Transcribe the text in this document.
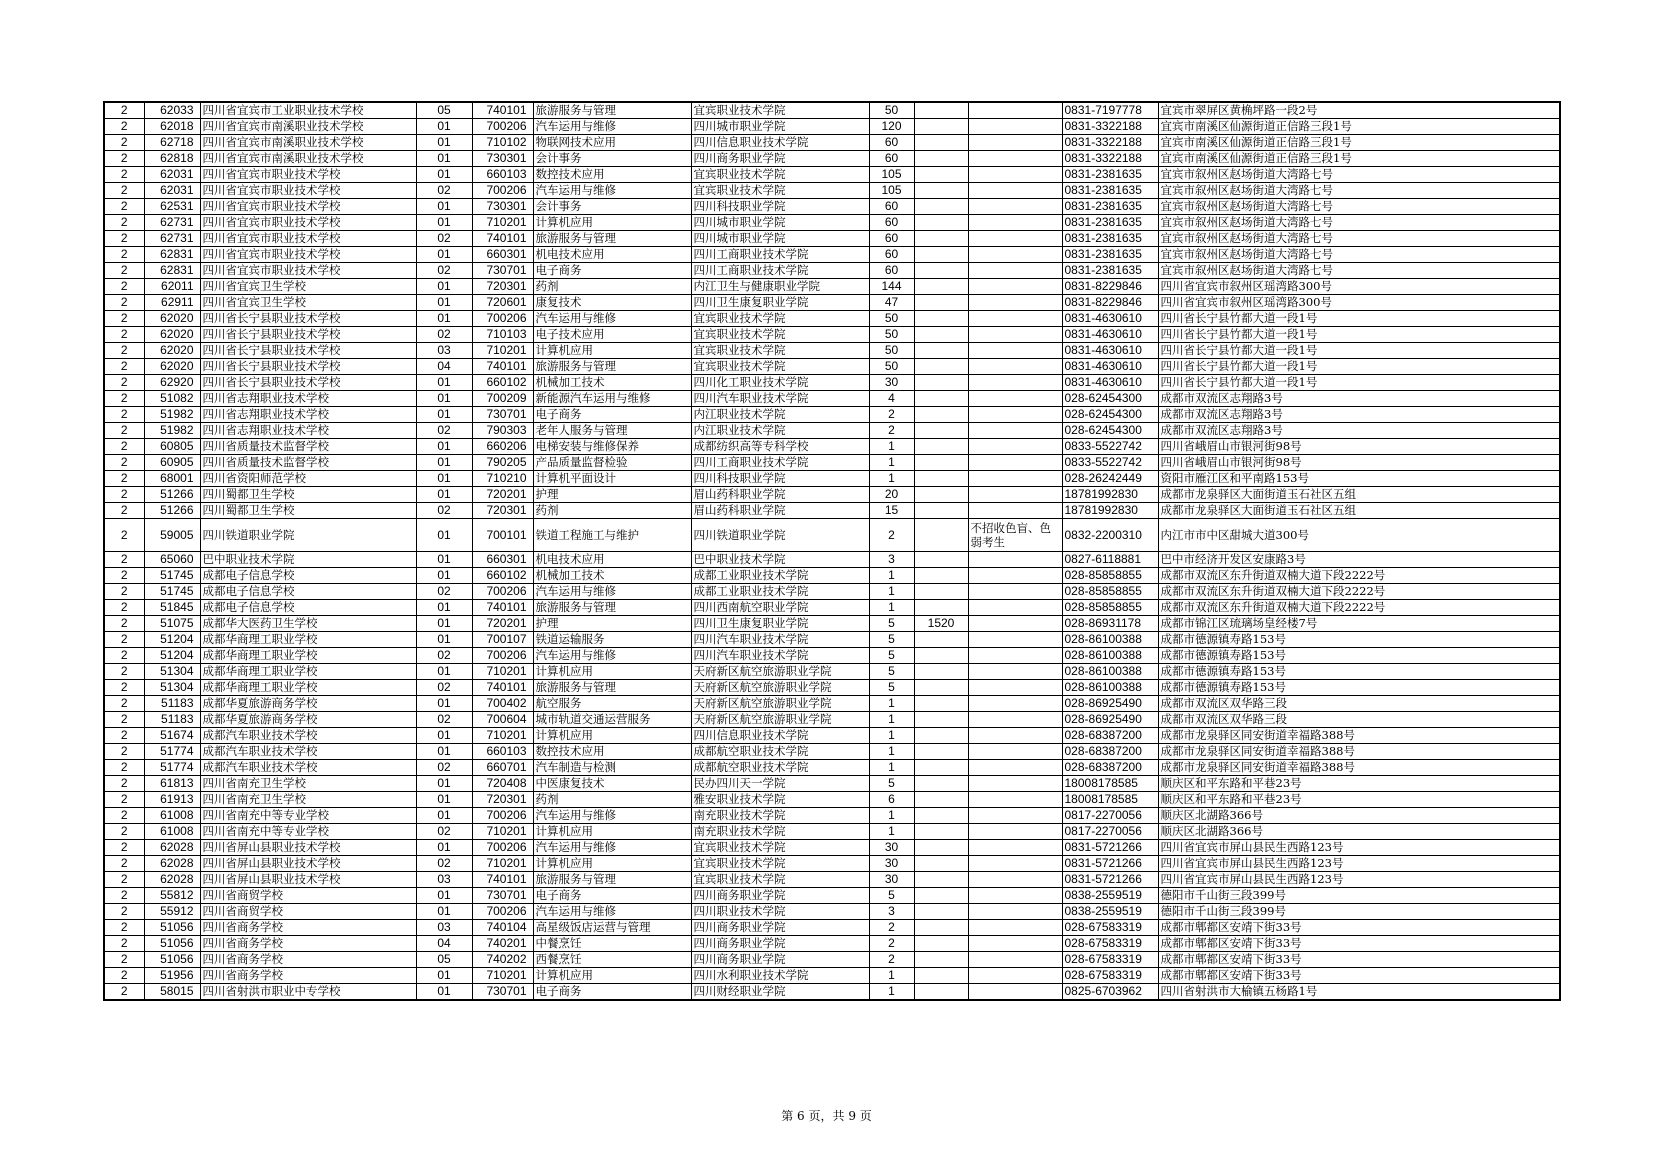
2	62033	四川省宜宾市工业职业技术学校	05	740101	旅游服务与管理	宜宾职业技术学院	50			0831-7197778	宜宾市翠屏区黄桷坪路一段2号
2	62018	四川省宜宾市南溪职业技术学校	01	700206	汽车运用与维修	四川城市职业学院	120			0831-3322188	宜宾市南溪区仙源街道正信路三段1号
2	62718	四川省宜宾市南溪职业技术学校	01	710102	物联网技术应用	四川信息职业技术学院	60			0831-3322188	宜宾市南溪区仙源街道正信路三段1号
2	62818	四川省宜宾市南溪职业技术学校	01	730301	会计事务	四川商务职业学院	60			0831-3322188	宜宾市南溪区仙源街道正信路三段1号
2	62031	四川省宜宾市职业技术学校	01	660103	数控技术应用	宜宾职业技术学院	105			0831-2381635	宜宾市叙州区赵场街道大湾路七号
2	62031	四川省宜宾市职业技术学校	02	700206	汽车运用与维修	宜宾职业技术学院	105			0831-2381635	宜宾市叙州区赵场街道大湾路七号
2	62531	四川省宜宾市职业技术学校	01	730301	会计事务	四川科技职业学院	60			0831-2381635	宜宾市叙州区赵场街道大湾路七号
2	62731	四川省宜宾市职业技术学校	01	710201	计算机应用	四川城市职业学院	60			0831-2381635	宜宾市叙州区赵场街道大湾路七号
2	62731	四川省宜宾市职业技术学校	02	740101	旅游服务与管理	四川城市职业学院	60			0831-2381635	宜宾市叙州区赵场街道大湾路七号
2	62831	四川省宜宾市职业技术学校	01	660301	机电技术应用	四川工商职业技术学院	60			0831-2381635	宜宾市叙州区赵场街道大湾路七号
2	62831	四川省宜宾市职业技术学校	02	730701	电子商务	四川工商职业技术学院	60			0831-2381635	宜宾市叙州区赵场街道大湾路七号
2	62011	四川省宜宾卫生学校	01	720301	药剂	内江卫生与健康职业学院	144			0831-8229846	四川省宜宾市叙州区瑶湾路300号
2	62911	四川省宜宾卫生学校	01	720601	康复技术	四川卫生康复职业学院	47			0831-8229846	四川省宜宾市叙州区瑶湾路300号
2	62020	四川省长宁县职业技术学校	01	700206	汽车运用与维修	宜宾职业技术学院	50			0831-4630610	四川省长宁县竹都大道一段1号
2	62020	四川省长宁县职业技术学校	02	710103	电子技术应用	宜宾职业技术学院	50			0831-4630610	四川省长宁县竹都大道一段1号
2	62020	四川省长宁县职业技术学校	03	710201	计算机应用	宜宾职业技术学院	50			0831-4630610	四川省长宁县竹都大道一段1号
2	62020	四川省长宁县职业技术学校	04	740101	旅游服务与管理	宜宾职业技术学院	50			0831-4630610	四川省长宁县竹都大道一段1号
2	62920	四川省长宁县职业技术学校	01	660102	机械加工技术	四川化工职业技术学院	30			0831-4630610	四川省长宁县竹都大道一段1号
2	51082	四川省志翔职业技术学校	01	700209	新能源汽车运用与维修	四川汽车职业技术学院	4			028-62454300	成都市双流区志翔路3号
2	51982	四川省志翔职业技术学校	01	730701	电子商务	内江职业技术学院	2			028-62454300	成都市双流区志翔路3号
2	51982	四川省志翔职业技术学校	02	790303	老年人服务与管理	内江职业技术学院	2			028-62454300	成都市双流区志翔路3号
2	60805	四川省质量技术监督学校	01	660206	电梯安装与维修保养	成都纺织高等专科学校	1			0833-5522742	四川省峨眉山市银河街98号
2	60905	四川省质量技术监督学校	01	790205	产品质量监督检验	四川工商职业技术学院	1			0833-5522742	四川省峨眉山市银河街98号
2	68001	四川省资阳师范学校	01	710210	计算机平面设计	四川科技职业学院	1			028-26242449	资阳市雁江区和平南路153号
2	51266	四川蜀都卫生学校	01	720201	护理	眉山药科职业学院	20			18781992830	成都市龙泉驿区大面街道玉石社区五组
2	51266	四川蜀都卫生学校	02	720301	药剂	眉山药科职业学院	15			18781992830	成都市龙泉驿区大面街道玉石社区五组
2	59005	四川铁道职业学院	01	700101	铁道工程施工与维护	四川铁道职业学院	2		不招收色盲、色弱考生	0832-2200310	内江市市中区甜城大道300号
2	65060	巴中职业技术学院	01	660301	机电技术应用	巴中职业技术学院	3			0827-6118881	巴中市经济开发区安康路3号
2	51745	成都电子信息学校	01	660102	机械加工技术	成都工业职业技术学院	1			028-85858855	成都市双流区东升街道双楠大道下段2222号
2	51745	成都电子信息学校	02	700206	汽车运用与维修	成都工业职业技术学院	1			028-85858855	成都市双流区东升街道双楠大道下段2222号
2	51845	成都电子信息学校	01	740101	旅游服务与管理	四川西南航空职业学院	1			028-85858855	成都市双流区东升街道双楠大道下段2222号
2	51075	成都华大医药卫生学校	01	720201	护理	四川卫生康复职业学院	5	1520		028-86931178	成都市锦江区琉璃场皇经楼7号
2	51204	成都华商理工职业学校	01	700107	铁道运输服务	四川汽车职业技术学院	5			028-86100388	成都市德源镇寿路153号
2	51204	成都华商理工职业学校	02	700206	汽车运用与维修	四川汽车职业技术学院	5			028-86100388	成都市德源镇寿路153号
2	51304	成都华商理工职业学校	01	710201	计算机应用	天府新区航空旅游职业学院	5			028-86100388	成都市德源镇寿路153号
2	51304	成都华商理工职业学校	02	740101	旅游服务与管理	天府新区航空旅游职业学院	5			028-86100388	成都市德源镇寿路153号
2	51183	成都华夏旅游商务学校	01	700402	航空服务	天府新区航空旅游职业学院	1			028-86925490	成都市双流区双华路三段
2	51183	成都华夏旅游商务学校	02	700604	城市轨道交通运营服务	天府新区航空旅游职业学院	1			028-86925490	成都市双流区双华路三段
2	51674	成都汽车职业技术学校	01	710201	计算机应用	四川信息职业技术学院	1			028-68387200	成都市龙泉驿区同安街道幸福路388号
2	51774	成都汽车职业技术学校	01	660103	数控技术应用	成都航空职业技术学院	1			028-68387200	成都市龙泉驿区同安街道幸福路388号
2	51774	成都汽车职业技术学校	02	660701	汽车制造与检测	成都航空职业技术学院	1			028-68387200	成都市龙泉驿区同安街道幸福路388号
2	61813	四川省南充卫生学校	01	720408	中医康复技术	民办四川天一学院	5			18008178585	顺庆区和平东路和平巷23号
2	61913	四川省南充卫生学校	01	720301	药剂	雅安职业技术学院	6			18008178585	顺庆区和平东路和平巷23号
2	61008	四川省南充中等专业学校	01	700206	汽车运用与维修	南充职业技术学院	1			0817-2270056	顺庆区北湖路366号
2	61008	四川省南充中等专业学校	02	710201	计算机应用	南充职业技术学院	1			0817-2270056	顺庆区北湖路366号
2	62028	四川省屏山县职业技术学校	01	700206	汽车运用与维修	宜宾职业技术学院	30			0831-5721266	四川省宜宾市屏山县民生西路123号
2	62028	四川省屏山县职业技术学校	02	710201	计算机应用	宜宾职业技术学院	30			0831-5721266	四川省宜宾市屏山县民生西路123号
2	62028	四川省屏山县职业技术学校	03	740101	旅游服务与管理	宜宾职业技术学院	30			0831-5721266	四川省宜宾市屏山县民生西路123号
2	55812	四川省商贸学校	01	730701	电子商务	四川商务职业学院	5			0838-2559519	德阳市千山街三段399号
2	55912	四川省商贸学校	01	700206	汽车运用与维修	四川职业技术学院	3			0838-2559519	德阳市千山街三段399号
2	51056	四川省商务学校	03	740104	高星级饭店运营与管理	四川商务职业学院	2			028-67583319	成都市郫都区安靖下街33号
2	51056	四川省商务学校	04	740201	中餐烹饪	四川商务职业学院	2			028-67583319	成都市郫都区安靖下街33号
2	51056	四川省商务学校	05	740202	西餐烹饪	四川商务职业学院	2			028-67583319	成都市郫都区安靖下街33号
2	51956	四川省商务学校	01	710201	计算机应用	四川水利职业技术学院	1			028-67583319	成都市郫都区安靖下街33号
2	58015	四川省射洪市职业中专学校	01	730701	电子商务	四川财经职业学院	1			0825-6703962	四川省射洪市大榆镇五杨路1号
第 6 页，共 9 页
